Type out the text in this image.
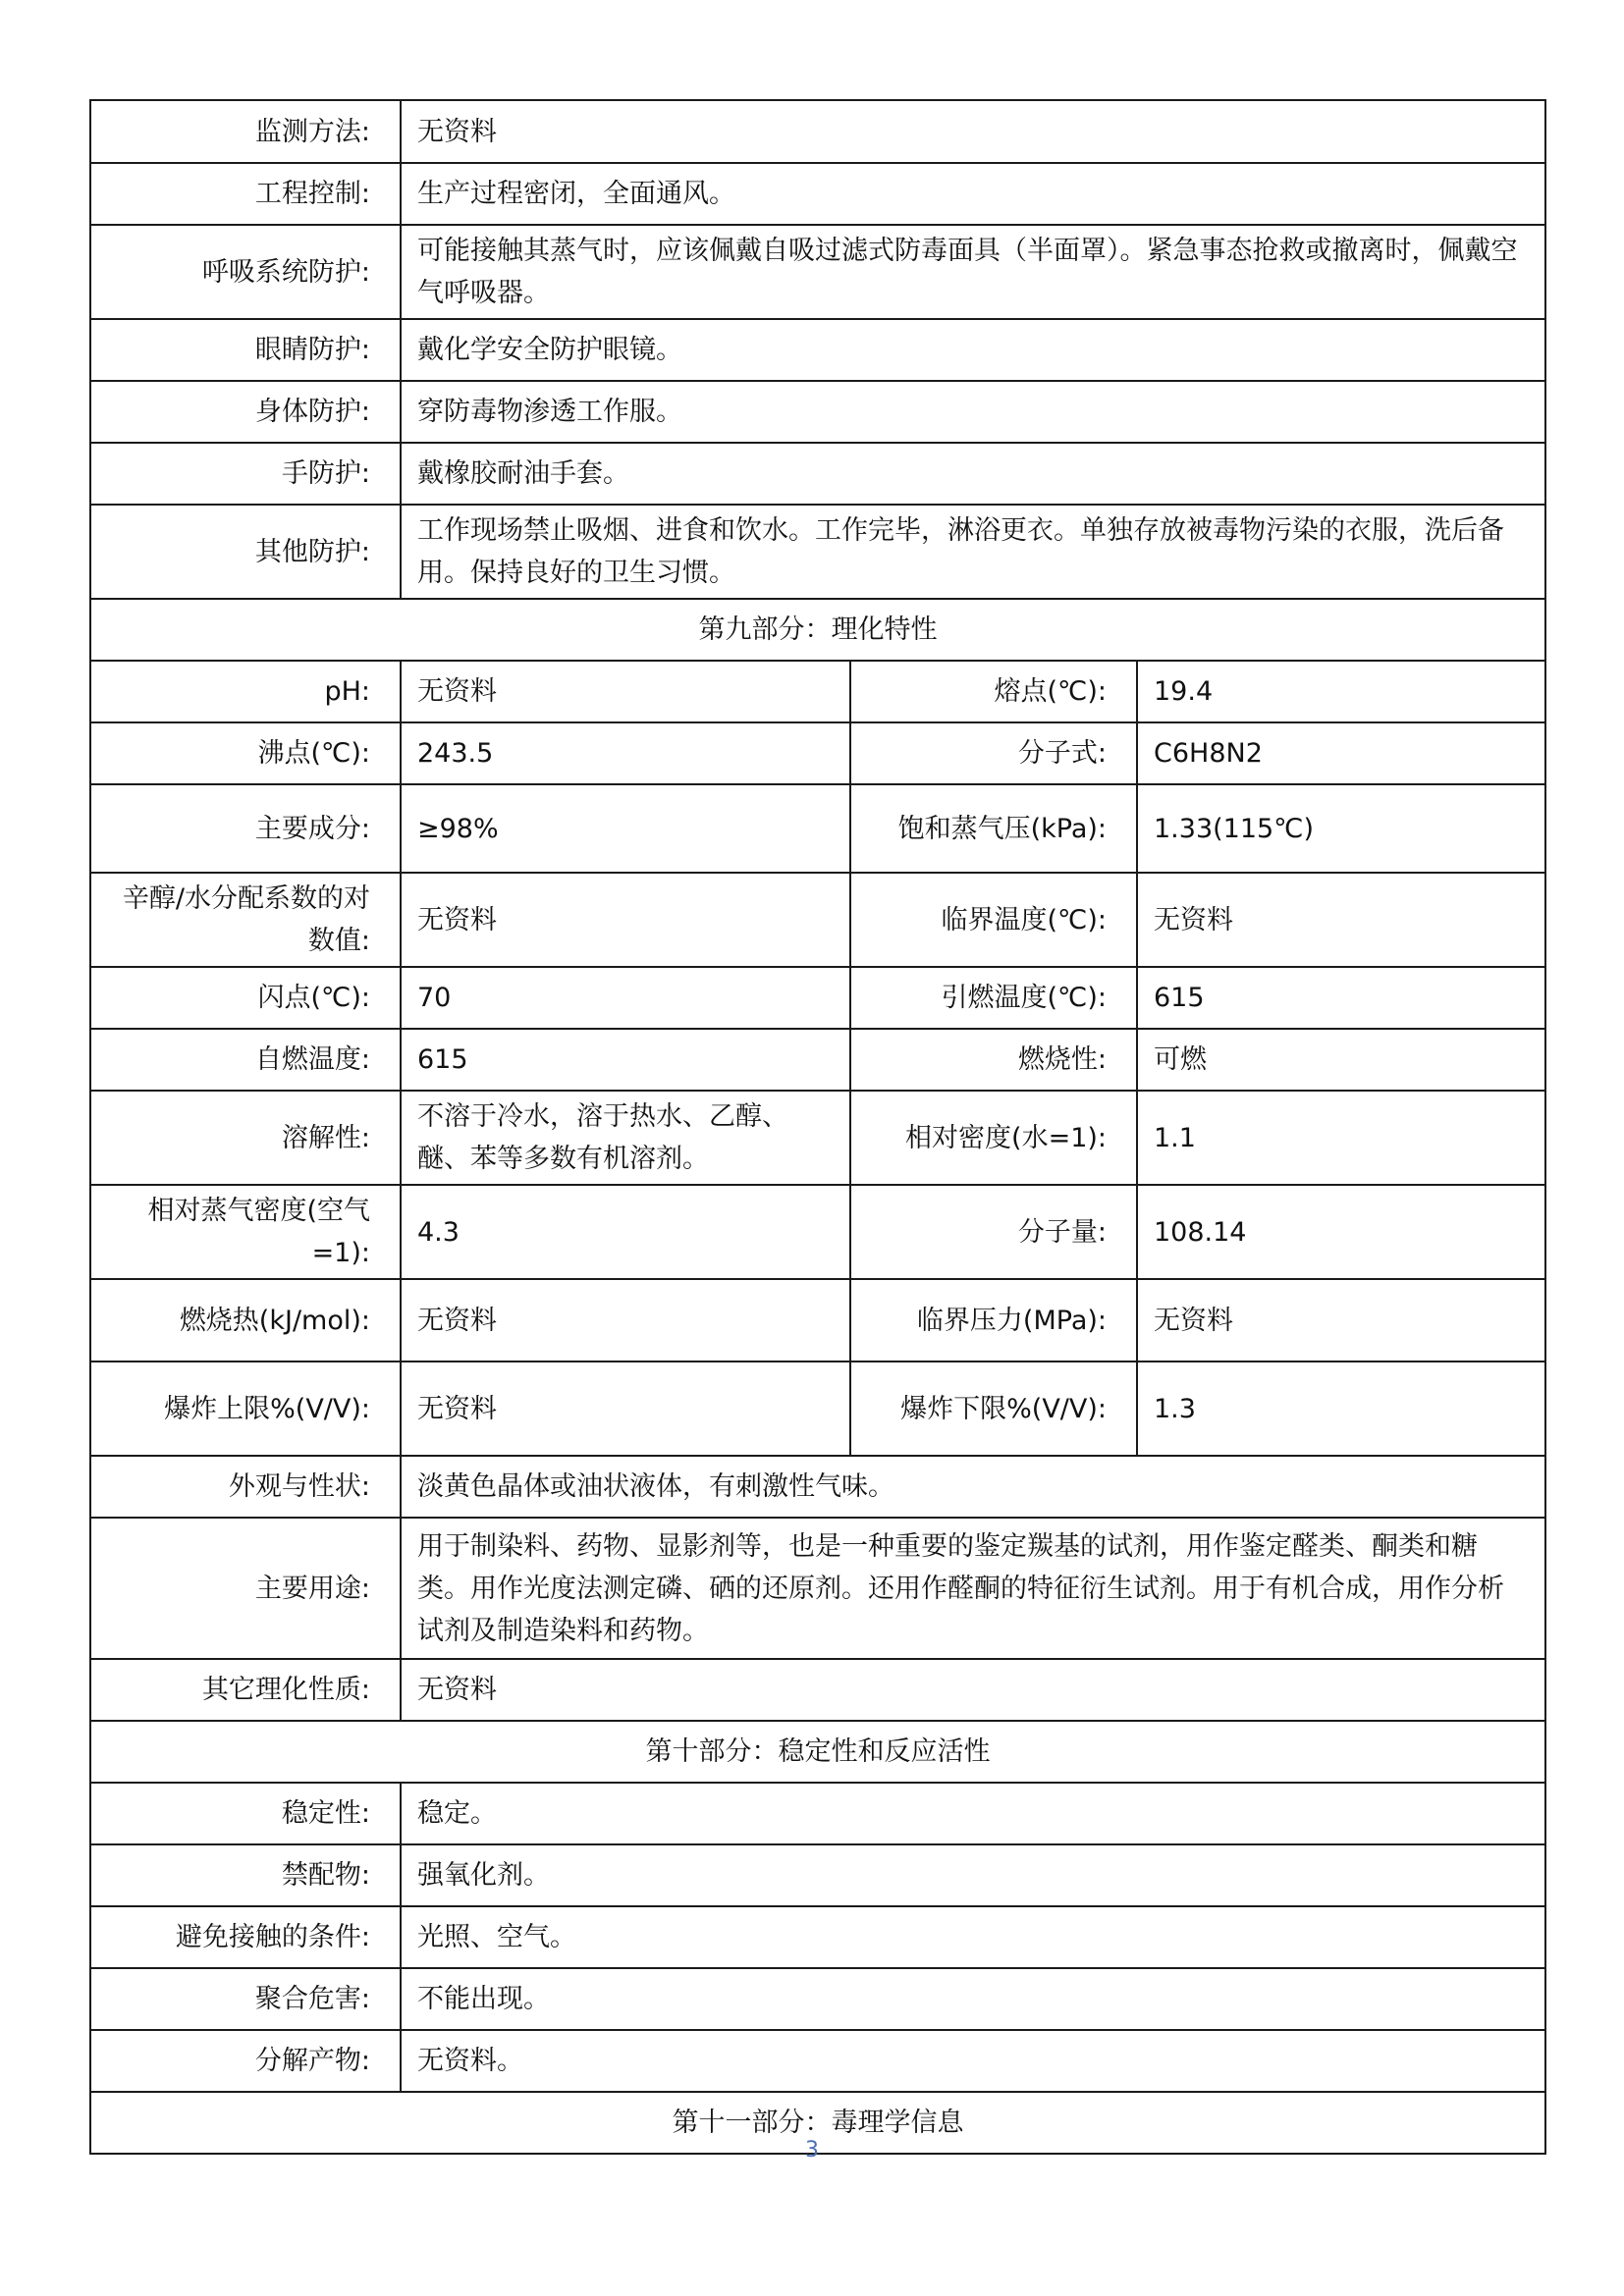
监测方法:	无资料		
工程控制:	生产过程密闭，全面通风。		
呼吸系统防护:	可能接触其蒸气时，应该佩戴自吸过滤式防毒面具（半面罩）。紧急事态抢救或撤离时，佩戴空气呼吸器。		
眼睛防护:	戴化学安全防护眼镜。		
身体防护:	穿防毒物渗透工作服。		
手防护:	戴橡胶耐油手套。		
其他防护:	工作现场禁止吸烟、进食和饮水。工作完毕，淋浴更衣。单独存放被毒物污染的衣服，洗后备用。保持良好的卫生习惯。		
第九部分：理化特性			
pH:	无资料	熔点(℃):	19.4
沸点(℃):	243.5	分子式:	C6H8N2
主要成分:	≥98%	饱和蒸气压(kPa):	1.33(115℃)
辛醇/水分配系数的对数值:	无资料	临界温度(℃):	无资料
闪点(℃):	70	引燃温度(℃):	615
自燃温度:	615	燃烧性:	可燃
溶解性:	不溶于冷水，溶于热水、乙醇、醚、苯等多数有机溶剂。	相对密度(水=1):	1.1
相对蒸气密度(空气=1):	4.3	分子量:	108.14
燃烧热(kJ/mol):	无资料	临界压力(MPa):	无资料
爆炸上限%(V/V):	无资料	爆炸下限%(V/V):	1.3
外观与性状:	淡黄色晶体或油状液体，有刺激性气味。		
主要用途:	用于制染料、药物、显影剂等，也是一种重要的鉴定羰基的试剂，用作鉴定醛类、酮类和糖类。用作光度法测定磷、硒的还原剂。还用作醛酮的特征衍生试剂。用于有机合成，用作分析试剂及制造染料和药物。		
其它理化性质:	无资料		
第十部分：稳定性和反应活性			
稳定性:	稳定。		
禁配物:	强氧化剂。		
避免接触的条件:	光照、空气。		
聚合危害:	不能出现。		
分解产物:	无资料。		
第十一部分：毒理学信息			
3
